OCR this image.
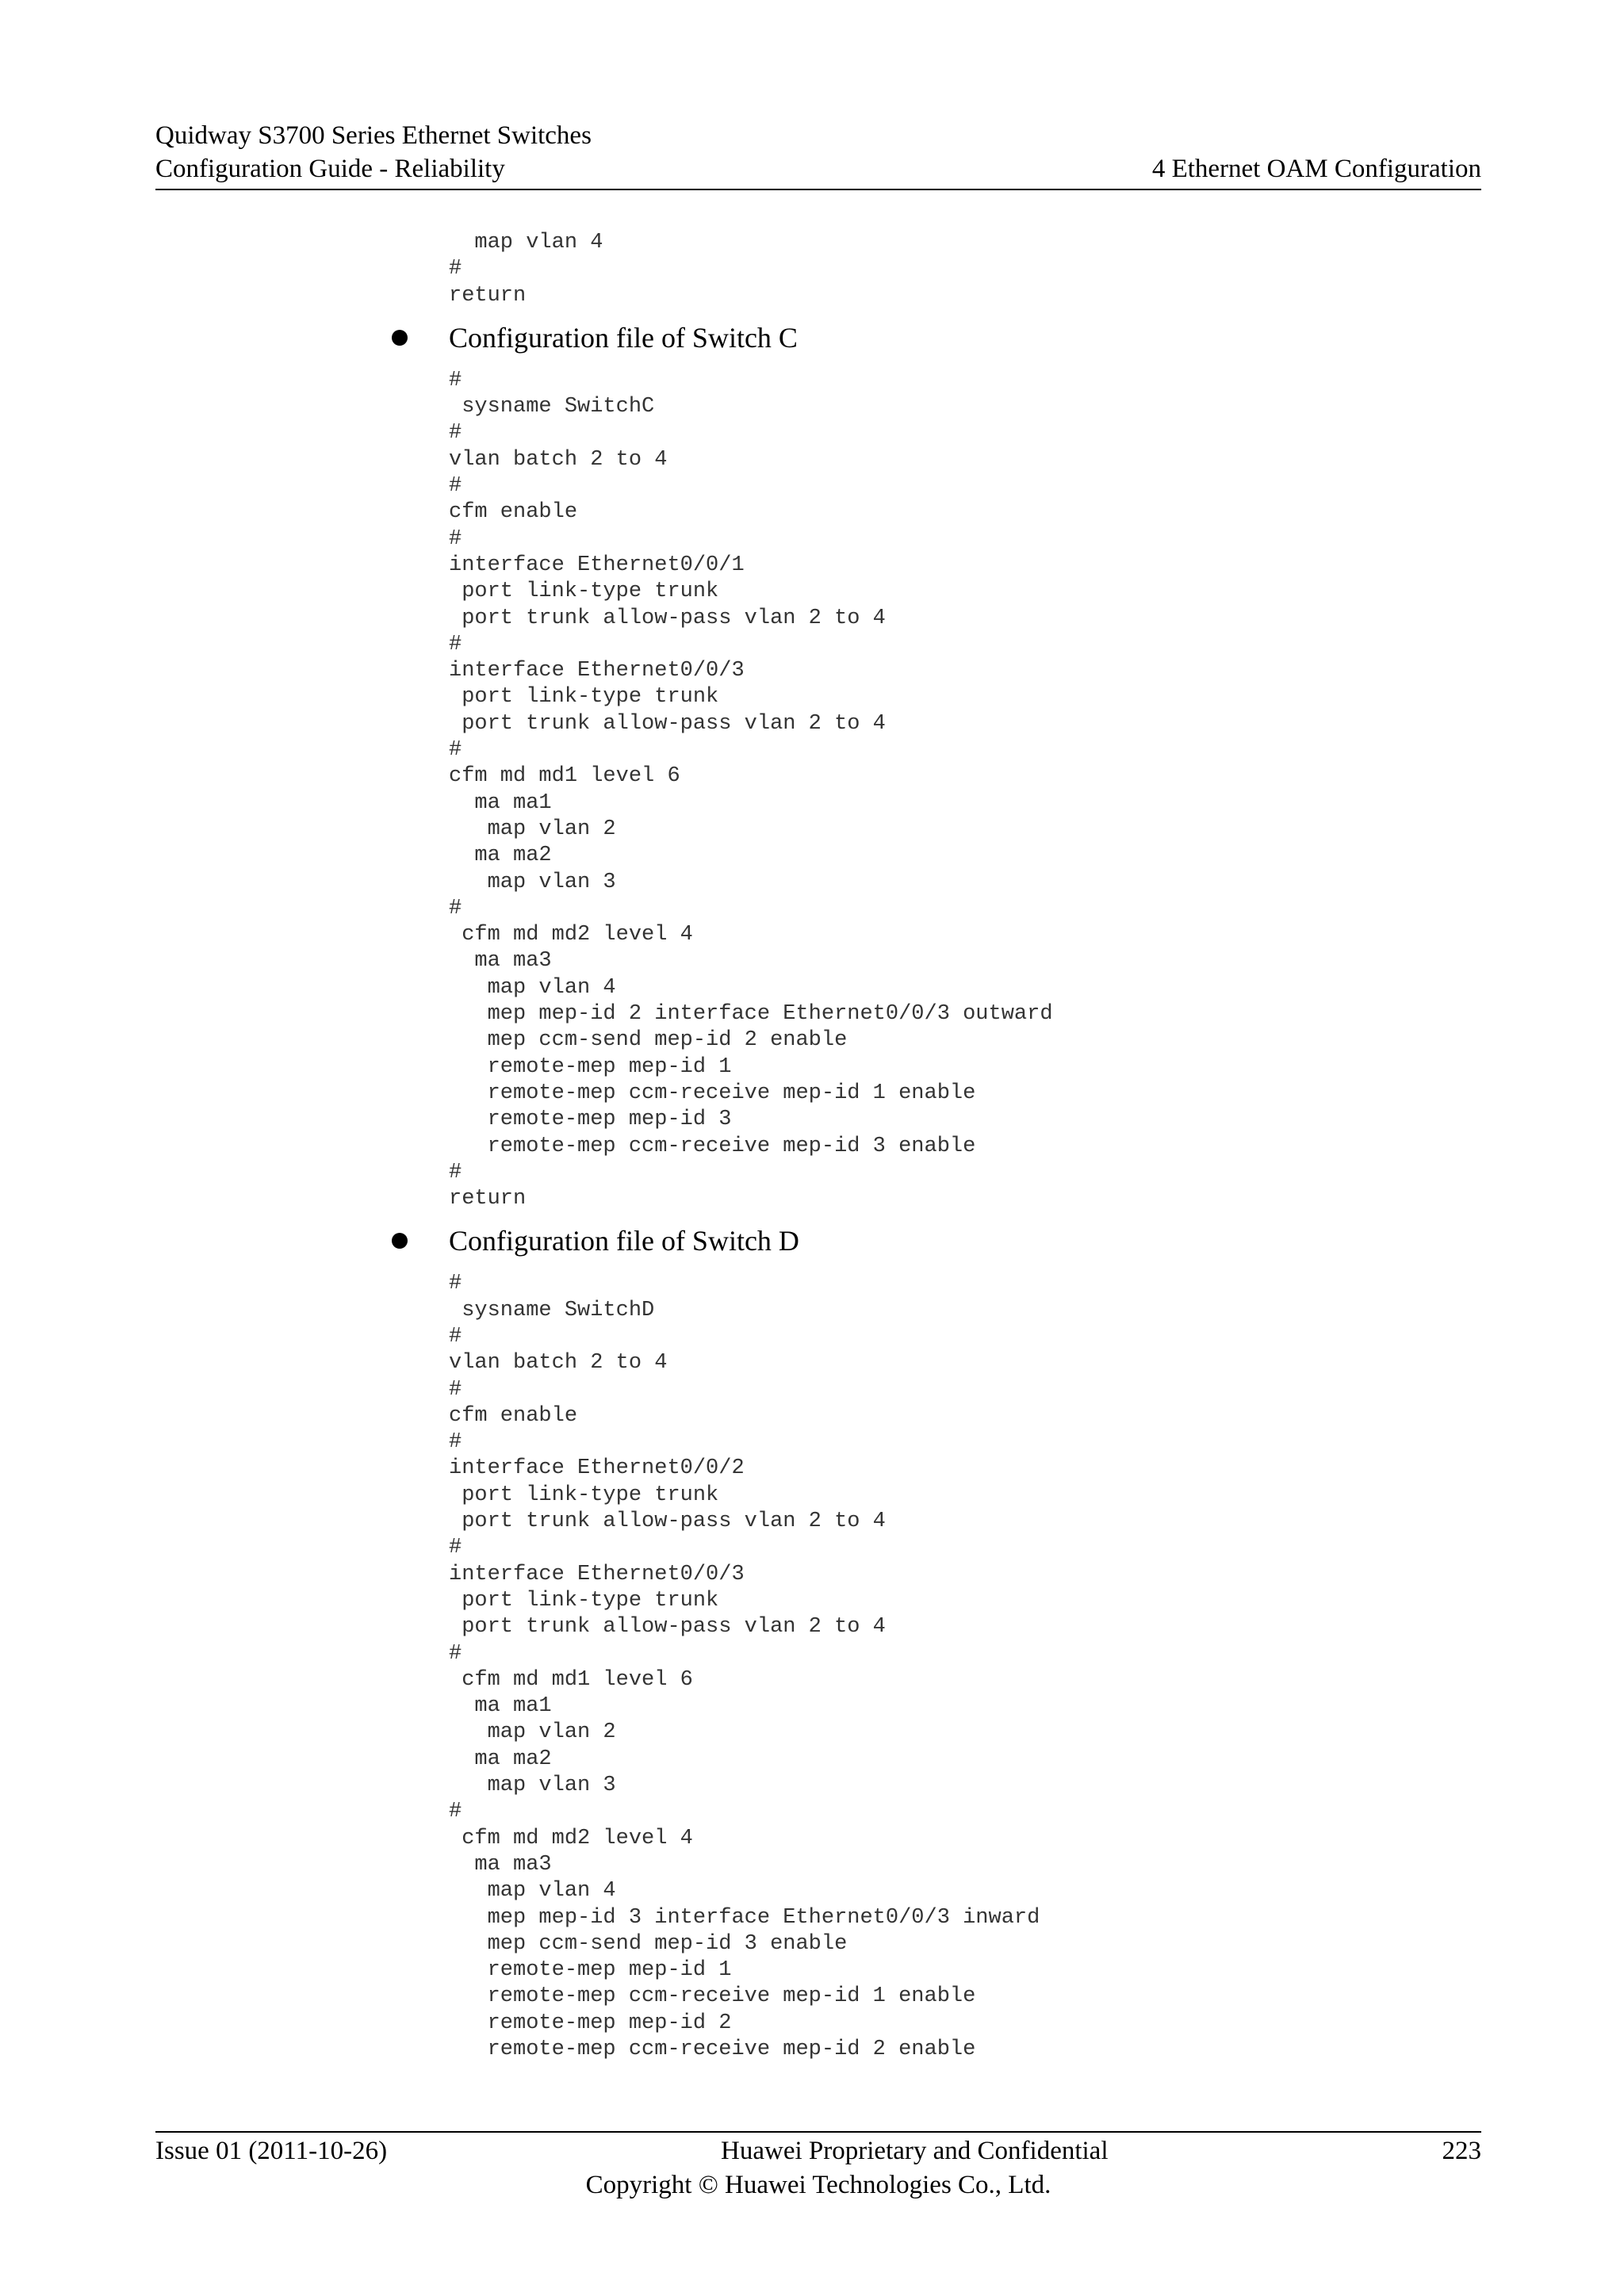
Quidway S3700 Series Ethernet Switches
Configuration Guide - Reliability	4 Ethernet OAM Configuration
map vlan 4
#
return
Configuration file of Switch C
#
sysname SwitchC
#
vlan batch 2 to 4
#
cfm enable
#
interface Ethernet0/0/1
port link-type trunk
port trunk allow-pass vlan 2 to 4
#
interface Ethernet0/0/3
port link-type trunk
port trunk allow-pass vlan 2 to 4
#
cfm md md1 level 6
ma ma1
map vlan 2
ma ma2
map vlan 3
#
cfm md md2 level 4
ma ma3
map vlan 4
mep mep-id 2 interface Ethernet0/0/3 outward
mep ccm-send mep-id 2 enable
remote-mep mep-id 1
remote-mep ccm-receive mep-id 1 enable
remote-mep mep-id 3
remote-mep ccm-receive mep-id 3 enable
#
return
Configuration file of Switch D
#
sysname SwitchD
#
vlan batch 2 to 4
#
cfm enable
#
interface Ethernet0/0/2
port link-type trunk
port trunk allow-pass vlan 2 to 4
#
interface Ethernet0/0/3
port link-type trunk
port trunk allow-pass vlan 2 to 4
#
cfm md md1 level 6
ma ma1
map vlan 2
ma ma2
map vlan 3
#
cfm md md2 level 4
ma ma3
map vlan 4
mep mep-id 3 interface Ethernet0/0/3 inward
mep ccm-send mep-id 3 enable
remote-mep mep-id 1
remote-mep ccm-receive mep-id 1 enable
remote-mep mep-id 2
remote-mep ccm-receive mep-id 2 enable
Issue 01 (2011-10-26)	Huawei Proprietary and Confidential	223
Copyright © Huawei Technologies Co., Ltd.
